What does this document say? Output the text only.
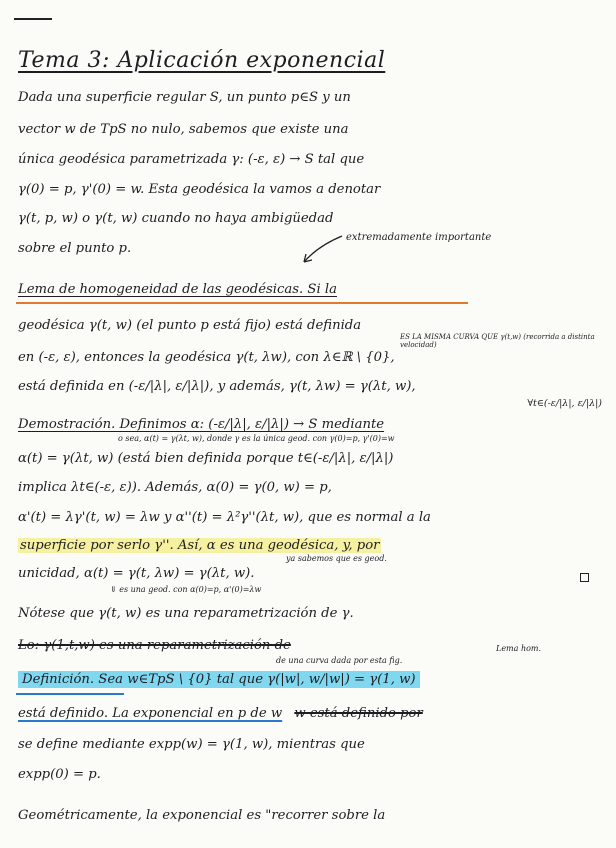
Tema 3: Aplicación exponencial
Dada una superficie regular S, un punto p∈S y un
vector w de TpS no nulo, sabemos que existe una
única geodésica parametrizada γ: (-ε, ε) → S tal que
γ(0) = p, γ'(0) = w. Esta geodésica la vamos a denotar
γ(t, p, w) o γ(t, w) cuando no haya ambigüedad
sobre el punto p.
extremadamente importante
Lema de homogeneidad de las geodésicas. Si la
geodésica γ(t, w) (el punto p está fijo) está definida
ES LA MISMA CURVA QUE γ(t,w) (recorrida a distinta velocidad)
en (-ε, ε), entonces la geodésica γ(t, λw), con λ∈ℝ \ {0},
está definida en (-ε/|λ|, ε/|λ|), y además, γ(t, λw) = γ(λt, w),
∀t∈(-ε/|λ|, ε/|λ|)
Demostración. Definimos α: (-ε/|λ|, ε/|λ|) → S mediante
o sea, α(t) = γ(λt, w), donde γ es la única geod. con γ(0)=p, γ'(0)=w
α(t) = γ(λt, w) (está bien definida porque t∈(-ε/|λ|, ε/|λ|)
implica λt∈(-ε, ε)). Además, α(0) = γ(0, w) = p,
α'(t) = λγ'(t, w) = λw y α''(t) = λ²γ''(λt, w), que es normal a la
superficie por serlo γ''. Así, α es una geodésica, y, por
ya sabemos que es geod.
unicidad, α(t) = γ(t, λw) = γ(λt, w).
⇓ es una geod. con α(0)=p, α'(0)=λw
Nótese que γ(t, w) es una reparametrización de γ.
Lo: γ(1,t,w) es una reparametrización de
de una curva dada por esta fig.
Lema hom.
Definición. Sea w∈TpS \ {0} tal que γ(|w|, w/|w|) = γ(1, w)
está definido. La exponencial en p de w w está definido por
se define mediante expp(w) = γ(1, w), mientras que
expp(0) = p.
Geométricamente, la exponencial es "recorrer sobre la
